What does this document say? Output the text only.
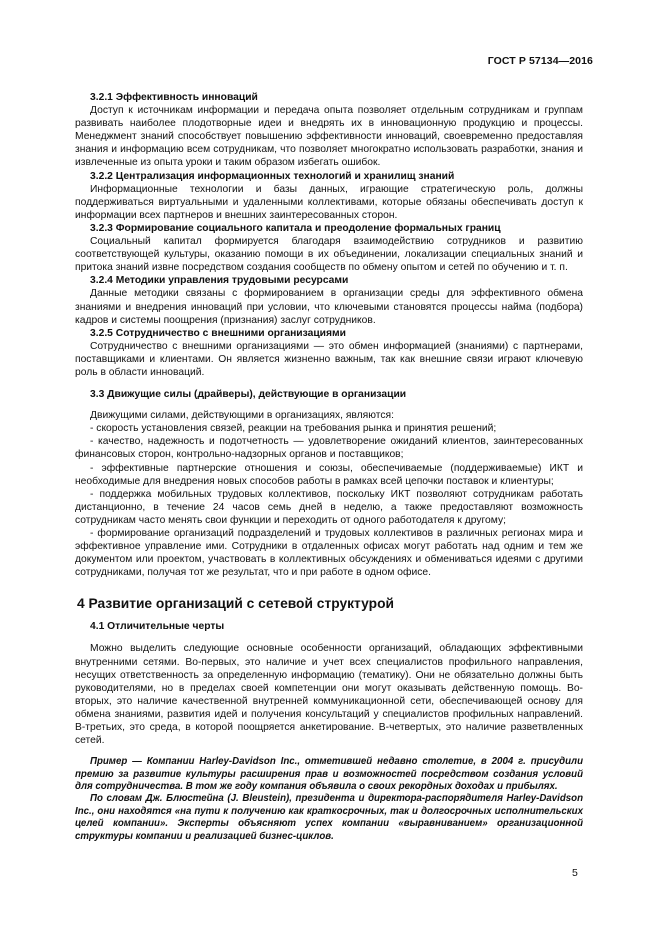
ГОСТ Р 57134—2016
3.2.1 Эффективность инноваций

Доступ к источникам информации и передача опыта позволяет отдельным сотрудникам и группам развивать наиболее плодотворные идеи и внедрять их в инновационную продукцию и процессы. Менеджмент знаний способствует повышению эффективности инноваций, своевременно предоставляя знания и информацию всем сотрудникам, что позволяет многократно использовать разработки, знания и извлеченные из опыта уроки и таким образом избегать ошибок.

3.2.2 Централизация информационных технологий и хранилищ знаний

Информационные технологии и базы данных, играющие стратегическую роль, должны поддерживаться виртуальными и удаленными коллективами, которые обязаны обеспечивать доступ к информации всех партнеров и внешних заинтересованных сторон.

3.2.3 Формирование социального капитала и преодоление формальных границ

Социальный капитал формируется благодаря взаимодействию сотрудников и развитию соответствующей культуры, оказанию помощи в их объединении, локализации специальных знаний и притока знаний извне посредством создания сообществ по обмену опытом и сетей по обучению и т. п.

3.2.4 Методики управления трудовыми ресурсами

Данные методики связаны с формированием в организации среды для эффективного обмена знаниями и внедрения инноваций при условии, что ключевыми становятся процессы найма (подбора) кадров и системы поощрения (признания) заслуг сотрудников.

3.2.5 Сотрудничество с внешними организациями

Сотрудничество с внешними организациями — это обмен информацией (знаниями) с партнерами, поставщиками и клиентами. Он является жизненно важным, так как внешние связи играют ключевую роль в области инноваций.

3.3 Движущие силы (драйверы), действующие в организации

Движущими силами, действующими в организациях, являются:

- скорость установления связей, реакции на требования рынка и принятия решений;

- качество, надежность и подотчетность — удовлетворение ожиданий клиентов, заинтересованных финансовых сторон, контрольно-надзорных органов и поставщиков;

- эффективные партнерские отношения и союзы, обеспечиваемые (поддерживаемые) ИКТ и необходимые для внедрения новых способов работы в рамках всей цепочки поставок и клиентуры;

- поддержка мобильных трудовых коллективов, поскольку ИКТ позволяют сотрудникам работать дистанционно, в течение 24 часов семь дней в неделю, а также предоставляют возможность сотрудникам часто менять свои функции и переходить от одного работодателя к другому;

- формирование организаций подразделений и трудовых коллективов в различных регионах мира и эффективное управление ими. Сотрудники в отдаленных офисах могут работать над одним и тем же документом или проектом, участвовать в коллективных обсуждениях и обмениваться идеями с другими сотрудниками, получая тот же результат, что и при работе в одном офисе.

4 Развитие организаций с сетевой структурой
4.1 Отличительные черты

Можно выделить следующие основные особенности организаций, обладающих эффективными внутренними сетями. Во-первых, это наличие и учет всех специалистов профильного направления, несущих ответственность за определенную информацию (тематику). Они не обязательно должны быть руководителями, но в пределах своей компетенции они могут оказывать действенную помощь. Во-вторых, это наличие качественной внутренней коммуникационной сети, обеспечивающей основу для обмена знаниями, развития идей и получения консультаций у специалистов профильных направлений. В-третьих, это среда, в которой поощряется анкетирование. В-четвертых, это наличие разветвленных сетей.

Пример — Компании Harley-Davidson Inc., отметившей недавно столетие, в 2004 г. присудили премию за развитие культуры расширения прав и возможностей посредством создания условий для сотрудничества. В том же году компания объявила о своих рекордных доходах и прибылях.

По словам Дж. Блюстейна (J. Bleustein), президента и директора-распорядителя Harley-Davidson Inc., они находятся «на пути к получению как краткосрочных, так и долгосрочных исполнительских целей компании». Эксперты объясняют успех компании «выравниванием» организационной структуры компании и реализацией бизнес-циклов.

5
